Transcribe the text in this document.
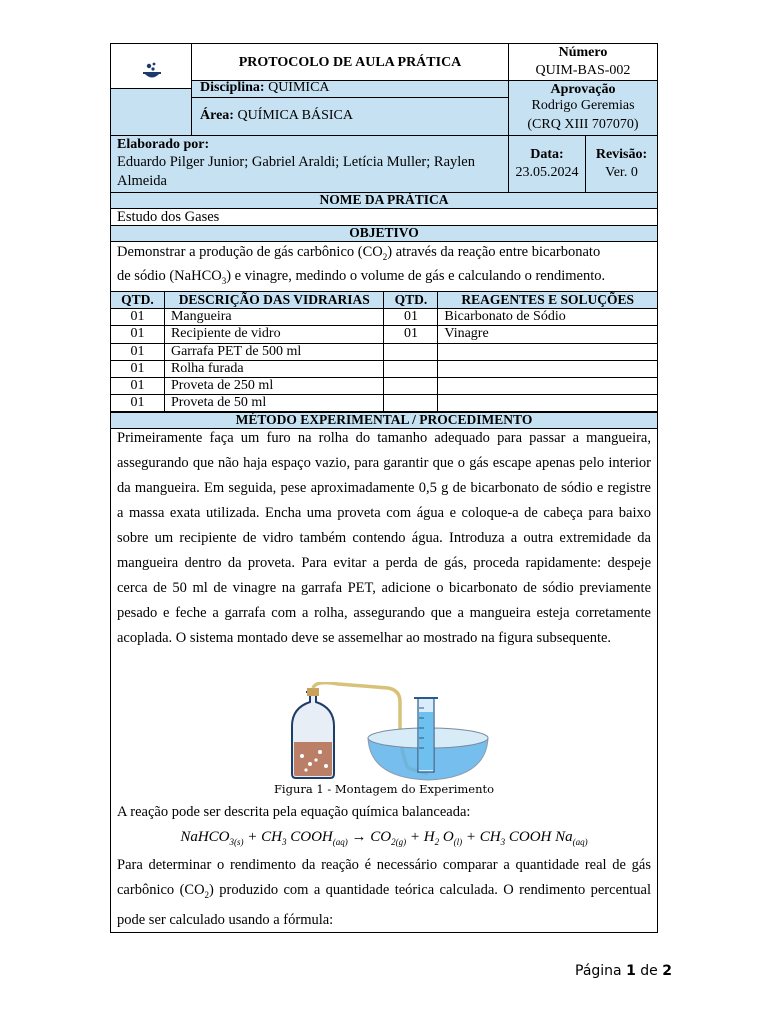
PROTOCOLO DE AULA PRÁTICA
Número
QUIM-BAS-002
Disciplina: QUIMICA	Aprovação
Rodrigo Geremias
(CRQ XIII 707070)
Área: QUÍMICA BÁSICA
Elaborado por:
Eduardo Pilger Junior; Gabriel Araldi; Letícia Muller; Raylen
Almeida
Data:
23.05.2024
Revisão:
Ver. 0
NOME DA PRÁTICA
Estudo dos Gases
OBJETIVO
Demonstrar a produção de gás carbônico $(CO_2)$ através da reação entre bicarbonato
de sódio (NaHCO$_3$) e vinagre, medindo o volume de gás e calculando o rendimento.
QTD.	DESCRIÇÃO DAS VIDRARIAS	QTD.	REAGENTES E SOLUÇÕES
01	Mangueira	01	Bicarbonato de Sódio
01	Recipiente de vidro	01	Vinagre
01	Garrafa PET de 500 ml		
01	Rolha furada		
01	Proveta de 250 ml		
01	Proveta de 50 ml		
MÉTODO EXPERIMENTAL / PROCEDIMENTO
Primeiramente faça um furo na rolha do tamanho adequado para passar a mangueira, assegurando que não haja espaço vazio, para garantir que o gás escape apenas pelo interior da mangueira. Em seguida, pese aproximadamente 0,5 g de bicarbonato de sódio e registre a massa exata utilizada. Encha uma proveta com água e coloque-a de cabeça para baixo sobre um recipiente de vidro também contendo água. Introduza a outra extremidade da mangueira dentro da proveta. Para evitar a perda de gás, proceda rapidamente: despeje cerca de 50 ml de vinagre na garrafa PET, adicione o bicarbonato de sódio previamente pesado e feche a garrafa com a rolha, assegurando que a mangueira esteja corretamente acoplada. O sistema montado deve se assemelhar ao mostrado na figura subsequente.
Figura 1 - Montagem do Experimento
A reação pode ser descrita pela equação química balanceada:
NaHCO$_{3(s)}$ + $CH_3$ $COOH_{(aq)} \to CO_{2(g)} + H_2$ $O_{(l)} + CH_3$ COOH $Na_{(aq)}$
Para determinar o rendimento da reação é necessário comparar a quantidade real de gás carbônico $(CO_2)$ produzido com a quantidade teórica calculada. O rendimento percentual pode ser calculado usando a fórmula:
Página 1 de 2
